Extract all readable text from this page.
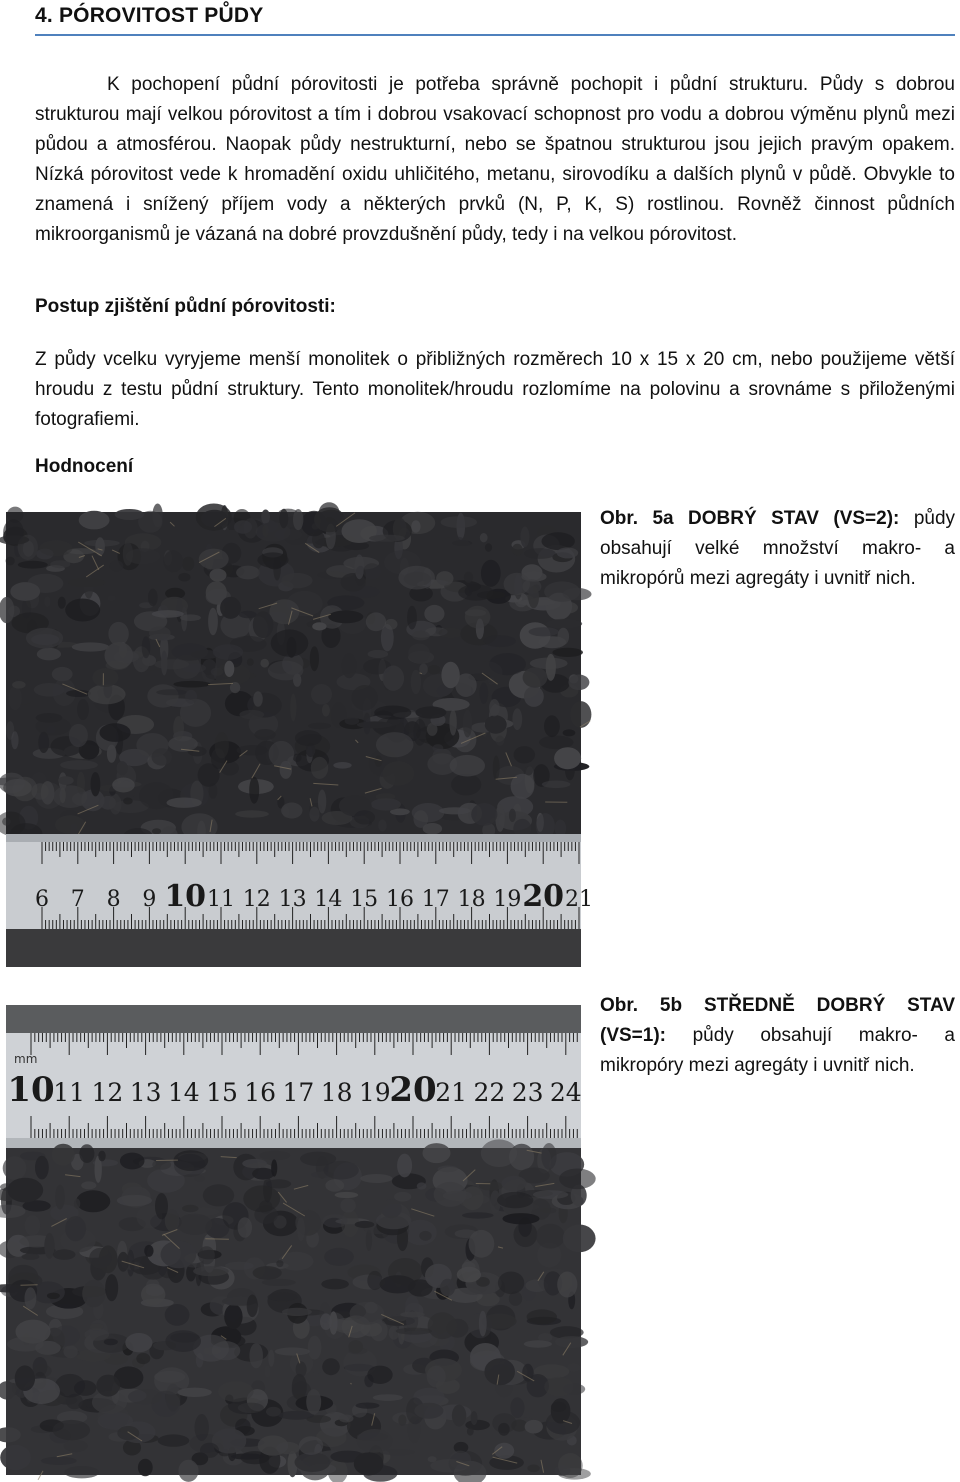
4. PÓROVITOST PŮDY

K pochopení půdní pórovitosti je potřeba správně pochopit i půdní strukturu. Půdy s dobrou strukturou mají velkou pórovitost a tím i dobrou vsakovací schopnost pro vodu a dobrou výměnu plynů mezi půdou a atmosférou. Naopak půdy nestrukturní, nebo se špatnou strukturou jsou jejich pravým opakem. Nízká pórovitost vede k hromadění oxidu uhličitého, metanu, sirovodíku a dalších plynů v půdě. Obvykle to znamená i snížený příjem vody a některých prvků (N, P, K, S) rostlinou. Rovněž činnost půdních mikroorganismů je vázaná na dobré provzdušnění půdy, tedy i na velkou pórovitost.

Postup zjištění půdní pórovitosti:

Z půdy vcelku vyryjeme menší monolitek o přibližných rozměrech 10 x 15 x 20 cm, nebo použijeme větší hroudu z testu půdní struktury. Tento monolitek/hroudu rozlomíme na polovinu a srovnáme s přiloženými fotografiemi.

Hodnocení

6 7 8 9 10 11 12 13 14 15 16 17 18 19 20 21

Obr. 5a DOBRÝ STAV (VS=2): půdy obsahují velké množství makro- a mikropórů mezi agregáty i uvnitř nich.

mm
10
11 12 13 14 15 16 17 18 19
20
21 22 23 24

Obr. 5b STŘEDNĚ DOBRÝ STAV (VS=1): půdy obsahují makro- a mikropóry mezi agregáty i uvnitř nich.
